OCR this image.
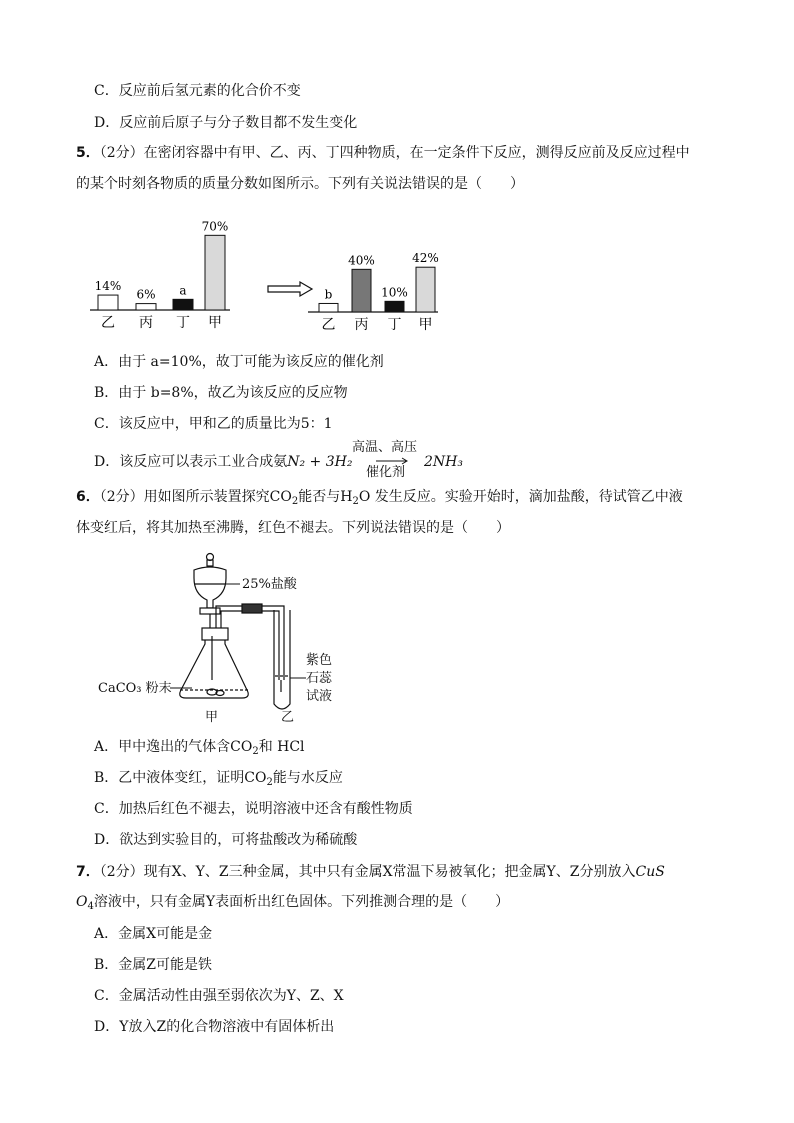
C．反应前后氢元素的化合价不变
D．反应前后原子与分子数目都不发生变化
5．（2分）在密闭容器中有甲、乙、丙、丁四种物质，在一定条件下反应，测得反应前及反应过程中
的某个时刻各物质的质量分数如图所示。下列有关说法错误的是（　　）
14%
乙
6%
丙
a
丁
70%
甲
b
乙
40%
丙
10%
丁
42%
甲
A．由于 a=10%，故丁可能为该反应的催化剂
B．由于 b=8%，故乙为该反应的反应物
C．该反应中，甲和乙的质量比为5：1
D．该反应可以表示工业合成氨N₂ + 3H₂
高温、高压
催化剂
2NH₃
6．（2分）用如图所示装置探究$CO_2$能否与$H_2O$ 发生反应。实验开始时，滴加盐酸，待试管乙中液
体变红后，将其加热至沸腾，红色不褪去。下列说法错误的是（　　）
25%盐酸
CaCO₃ 粉末
紫色
石蕊
试液
甲	乙
A．甲中逸出的气体含$CO_2$和 HCl
B．乙中液体变红，证明$CO_2$能与水反应
C．加热后红色不褪去，说明溶液中还含有酸性物质
D．欲达到实验目的，可将盐酸改为稀硫酸
7．（2分）现有X、Y、Z三种金属，其中只有金属X常温下易被氧化；把金属Y、Z分别放入CuS
$O_4$溶液中，只有金属Y表面析出红色固体。下列推测合理的是（　　）
A．金属X可能是金
B．金属Z可能是铁
C．金属活动性由强至弱依次为Y、Z、X
D．Y放入Z的化合物溶液中有固体析出
